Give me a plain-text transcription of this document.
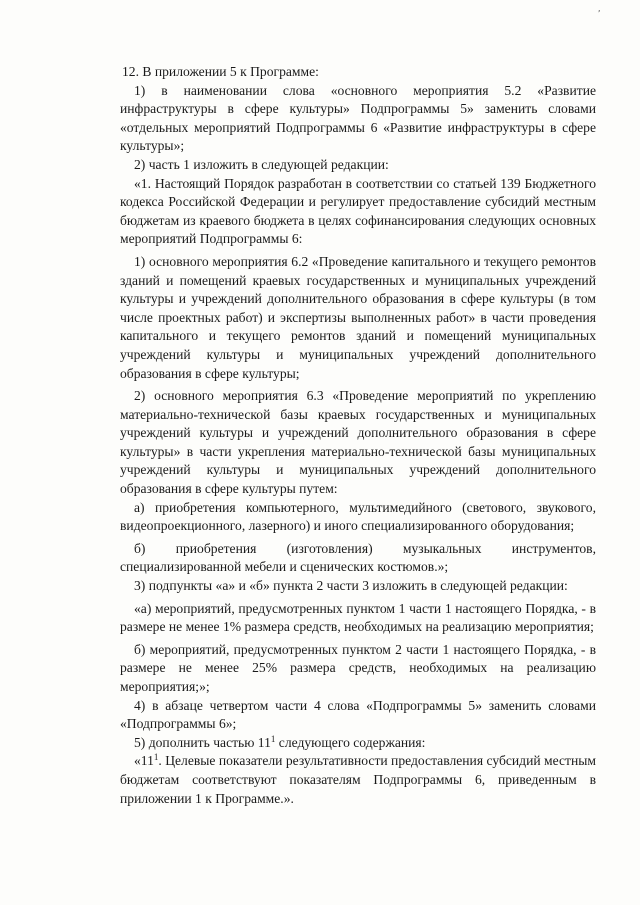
ʼ

12. В приложении 5 к Программе:

1) в наименовании слова «основного мероприятия 5.2 «Развитие инфраструктуры в сфере культуры» Подпрограммы 5» заменить словами «отдельных мероприятий Подпрограммы 6 «Развитие инфраструктуры в сфере культуры»;

2) часть 1 изложить в следующей редакции:

«1. Настоящий Порядок разработан в соответствии со статьей 139 Бюджетного кодекса Российской Федерации и регулирует предоставление субсидий местным бюджетам из краевого бюджета в целях софинансирования следующих основных мероприятий Подпрограммы 6:

1) основного мероприятия 6.2 «Проведение капитального и текущего ремонтов зданий и помещений краевых государственных и муниципальных учреждений культуры и учреждений дополнительного образования в сфере культуры (в том числе проектных работ) и экспертизы выполненных работ» в части проведения капитального и текущего ремонтов зданий и помещений муниципальных учреждений культуры и муниципальных учреждений дополнительного образования в сфере культуры;

2) основного мероприятия 6.3 «Проведение мероприятий по укреплению материально-технической базы краевых государственных и муниципальных учреждений культуры и учреждений дополнительного образования в сфере культуры» в части укрепления материально-технической базы муниципальных учреждений культуры и муниципальных учреждений дополнительного образования в сфере культуры путем:

а) приобретения компьютерного, мультимедийного (светового, звукового, видеопроекционного, лазерного) и иного специализированного оборудования;

б) приобретения (изготовления) музыкальных инструментов, специализированной мебели и сценических костюмов.»;

3) подпункты «а» и «б» пункта 2 части 3 изложить в следующей редакции:

«а) мероприятий, предусмотренных пунктом 1 части 1 настоящего Порядка, - в размере не менее 1% размера средств, необходимых на реализацию мероприятия;

б) мероприятий, предусмотренных пунктом 2 части 1 настоящего Порядка, - в размере не менее 25% размера средств, необходимых на реализацию мероприятия;»;

4) в абзаце четвертом части 4 слова «Подпрограммы 5» заменить словами «Подпрограммы 6»;

5) дополнить частью $11^1$ следующего содержания:

«$11^1$. Целевые показатели результативности предоставления субсидий местным бюджетам соответствуют показателям Подпрограммы 6, приведенным в приложении 1 к Программе.».
